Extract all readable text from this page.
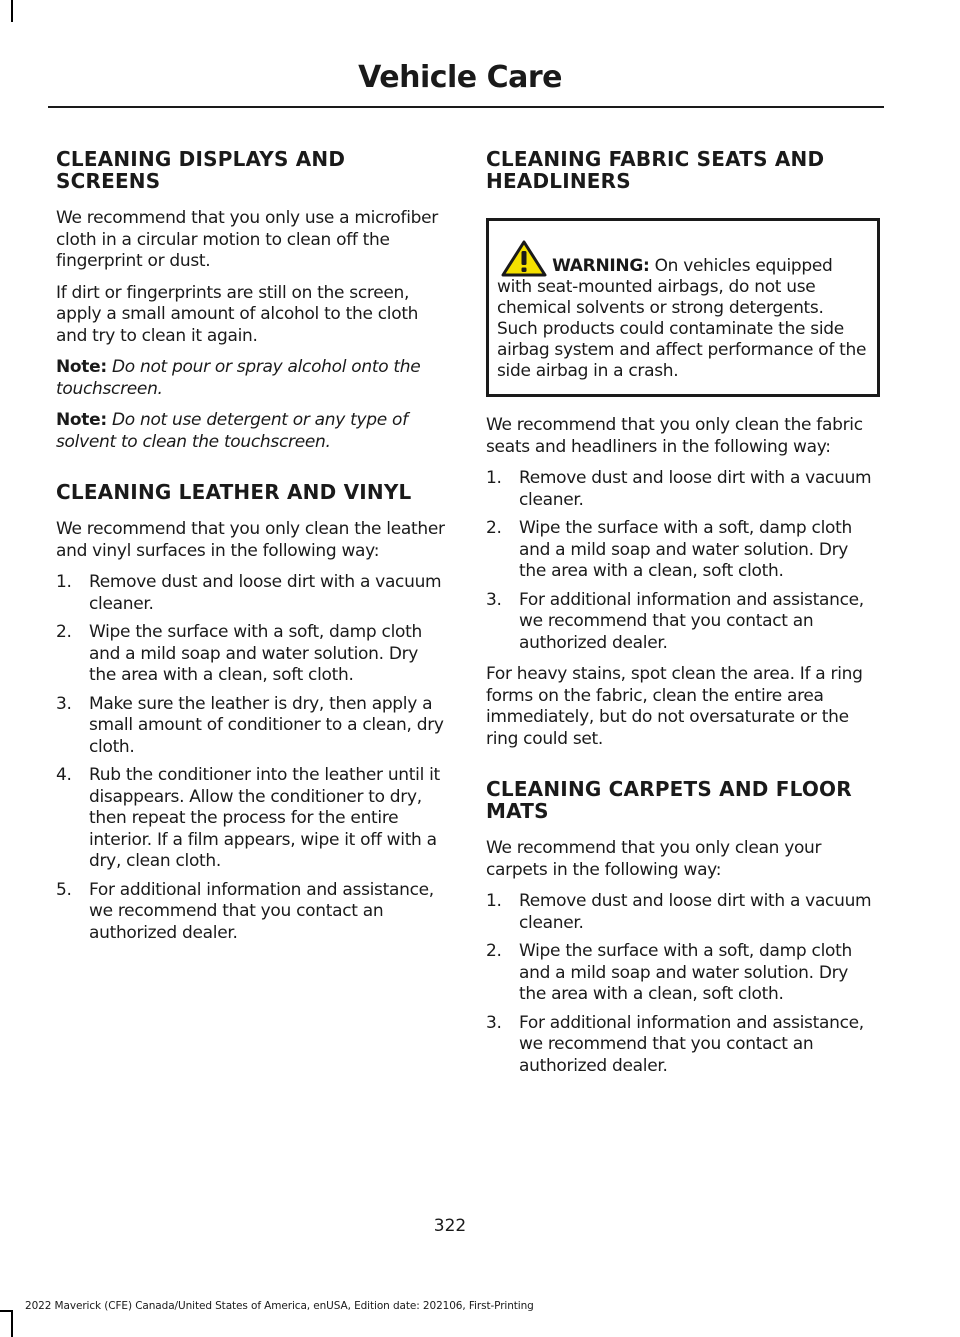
Vehicle Care
CLEANING DISPLAYS AND SCREENS

We recommend that you only use a microfiber cloth in a circular motion to clean off the fingerprint or dust.

If dirt or fingerprints are still on the screen, apply a small amount of alcohol to the cloth and try to clean it again.

Note: Do not pour or spray alcohol onto the touchscreen.

Note: Do not use detergent or any type of solvent to clean the touchscreen.

CLEANING LEATHER AND VINYL

We recommend that you only clean the leather and vinyl surfaces in the following way:

1. Remove dust and loose dirt with a vacuum cleaner.
2. Wipe the surface with a soft, damp cloth and a mild soap and water solution. Dry the area with a clean, soft cloth.
3. Make sure the leather is dry, then apply a small amount of conditioner to a clean, dry cloth.
4. Rub the conditioner into the leather until it disappears. Allow the conditioner to dry, then repeat the process for the entire interior. If a film appears, wipe it off with a dry, clean cloth.
5. For additional information and assistance, we recommend that you contact an authorized dealer.
CLEANING FABRIC SEATS AND HEADLINERS
WARNING: On vehicles equipped with seat-mounted airbags, do not use chemical solvents or strong detergents. Such products could contaminate the side airbag system and affect performance of the side airbag in a crash.

We recommend that you only clean the fabric seats and headliners in the following way:

1. Remove dust and loose dirt with a vacuum cleaner.
2. Wipe the surface with a soft, damp cloth and a mild soap and water solution. Dry the area with a clean, soft cloth.
3. For additional information and assistance, we recommend that you contact an authorized dealer.

For heavy stains, spot clean the area. If a ring forms on the fabric, clean the entire area immediately, but do not oversaturate or the ring could set.

CLEANING CARPETS AND FLOOR MATS

We recommend that you only clean your carpets in the following way:

1. Remove dust and loose dirt with a vacuum cleaner.
2. Wipe the surface with a soft, damp cloth and a mild soap and water solution. Dry the area with a clean, soft cloth.
3. For additional information and assistance, we recommend that you contact an authorized dealer.
322
2022 Maverick (CFE) Canada/United States of America, enUSA, Edition date: 202106, First-Printing
